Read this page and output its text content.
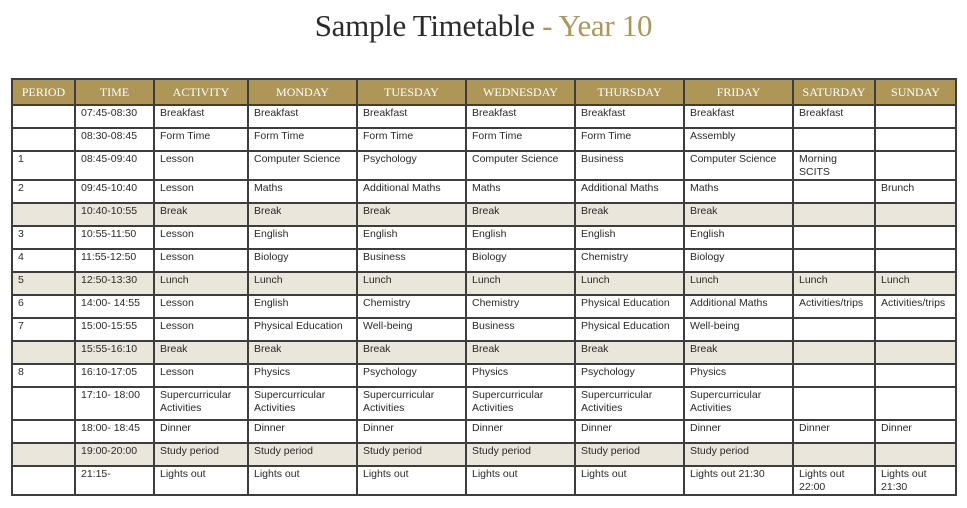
Sample Timetable - Year 10
PERIOD	TIME	ACTIVITY	MONDAY	TUESDAY	WEDNESDAY	THURSDAY	FRIDAY	SATURDAY	SUNDAY
	07:45-08:30	Breakfast	Breakfast	Breakfast	Breakfast	Breakfast	Breakfast	Breakfast	
	08:30-08:45	Form Time	Form Time	Form Time	Form Time	Form Time	Assembly		
1	08:45-09:40	Lesson	Computer Science	Psychology	Computer Science	Business	Computer Science	Morning SCITS	
2	09:45-10:40	Lesson	Maths	Additional Maths	Maths	Additional Maths	Maths		Brunch
	10:40-10:55	Break	Break	Break	Break	Break	Break		
3	10:55-11:50	Lesson	English	English	English	English	English		
4	11:55-12:50	Lesson	Biology	Business	Biology	Chemistry	Biology		
5	12:50-13:30	Lunch	Lunch	Lunch	Lunch	Lunch	Lunch	Lunch	Lunch
6	14:00- 14:55	Lesson	English	Chemistry	Chemistry	Physical Education	Additional Maths	Activities/trips	Activities/trips
7	15:00-15:55	Lesson	Physical Education	Well-being	Business	Physical Education	Well-being		
	15:55-16:10	Break	Break	Break	Break	Break	Break		
8	16:10-17:05	Lesson	Physics	Psychology	Physics	Psychology	Physics		
	17:10- 18:00	Supercurricular Activities	Supercurricular Activities	Supercurricular Activities	Supercurricular Activities	Supercurricular Activities	Supercurricular Activities		
	18:00- 18:45	Dinner	Dinner	Dinner	Dinner	Dinner	Dinner	Dinner	Dinner
	19:00-20:00	Study period	Study period	Study period	Study period	Study period	Study period		
	21:15-	Lights out	Lights out	Lights out	Lights out	Lights out	Lights out 21:30	Lights out 22:00	Lights out 21:30
